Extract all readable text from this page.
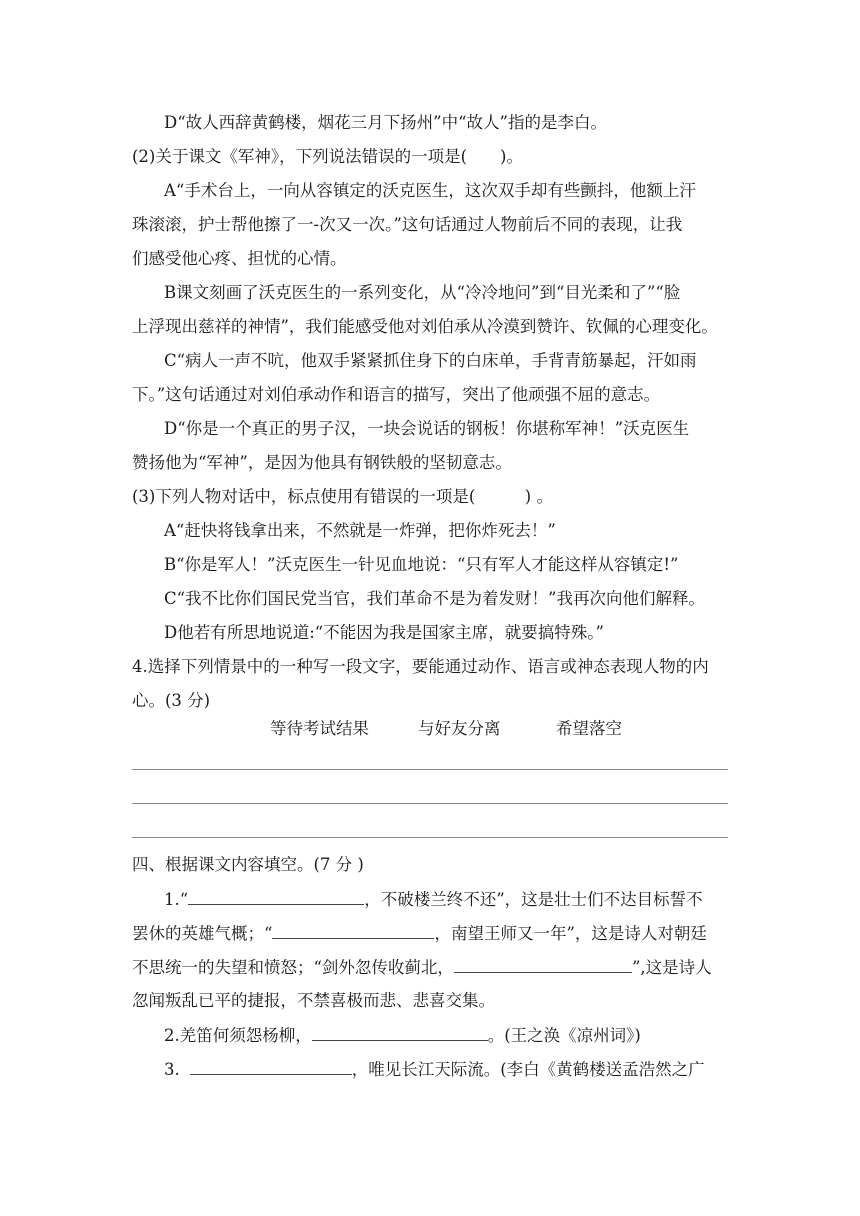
D“故人西辞黄鹤楼，烟花三月下扬州”中“故人”指的是李白。
(2)关于课文《军神》，下列说法错误的一项是(　　)。
A“手术台上，一向从容镇定的沃克医生，这次双手却有些颤抖，他额上汗
珠滚滚，护士帮他擦了一-次又一次。”这句话通过人物前后不同的表现，让我
们感受他心疼、担忧的心情。
B课文刻画了沃克医生的一系列变化，从“冷冷地问”到“目光柔和了”“脸
上浮现出慈祥的神情”，我们能感受他对刘伯承从冷漠到赞许、钦佩的心理变化。
C“病人一声不吭，他双手紧紧抓住身下的白床单，手背青筋暴起，汗如雨
下。”这句话通过对刘伯承动作和语言的描写，突出了他顽强不屈的意志。
D“你是一个真正的男子汉，一块会说话的钢板！你堪称军神！”沃克医生
赞扬他为“军神”，是因为他具有钢铁般的坚韧意志。
(3)下列人物对话中，标点使用有错误的一项是(　　　) 。
A“赶快将钱拿出来，不然就是一炸弹，把你炸死去！”
B“你是军人！”沃克医生一针见血地说：“只有军人才能这样从容镇定!”
C“我不比你们国民党当官，我们革命不是为着发财！”我再次向他们解释。
D他若有所思地说道:“不能因为我是国家主席，就要搞特殊。”
4.选择下列情景中的一种写一段文字，要能通过动作、语言或神态表现人物的内
心。(3 分)
等待考试结果	与好友分离	希望落空
四、根据课文内容填空。(7 分 )
1.“	，不破楼兰终不还”，这是壮士们不达目标誓不
罢休的英雄气概；“	，南望王师又一年”，这是诗人对朝廷
不思统一的失望和愤怒；“剑外忽传收蓟北，	”,这是诗人
忽闻叛乱已平的捷报，不禁喜极而悲、悲喜交集。
2.羌笛何须怨杨柳，	。(王之涣《凉州词》)
3.	，唯见长江天际流。(李白《黄鹤楼送孟浩然之广
